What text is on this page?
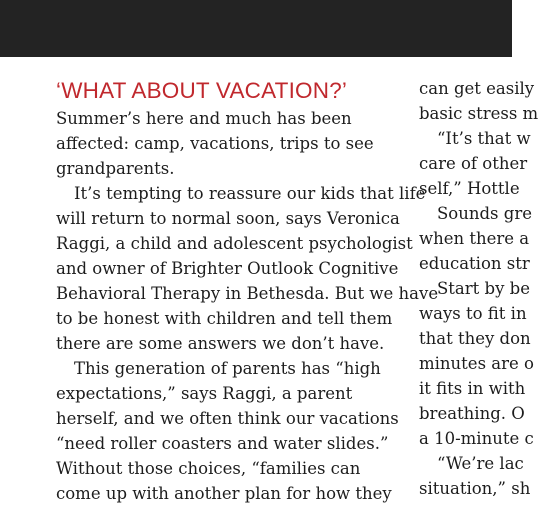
‘WHAT ABOUT VACATION?’
Summer’s here and much has been
affected: camp, vacations, trips to see
grandparents.
It’s tempting to reassure our kids that life
will return to normal soon, says Veronica
Raggi, a child and adolescent psychologist
and owner of Brighter Outlook Cognitive
Behavioral Therapy in Bethesda. But we have
to be honest with children and tell them
there are some answers we don’t have.
This generation of parents has “high
expectations,” says Raggi, a parent
herself, and we often think our vacations
“need roller coasters and water slides.”
Without those choices, “families can
come up with another plan for how they
can get easily
basic stress m
“It’s that w
care of other
self,” Hottle
Sounds gre
when there a
education str
Start by be
ways to fit in
that they don
minutes are o
it fits in with
breathing. O
a 10-minute c
“We’re lac
situation,” sh
